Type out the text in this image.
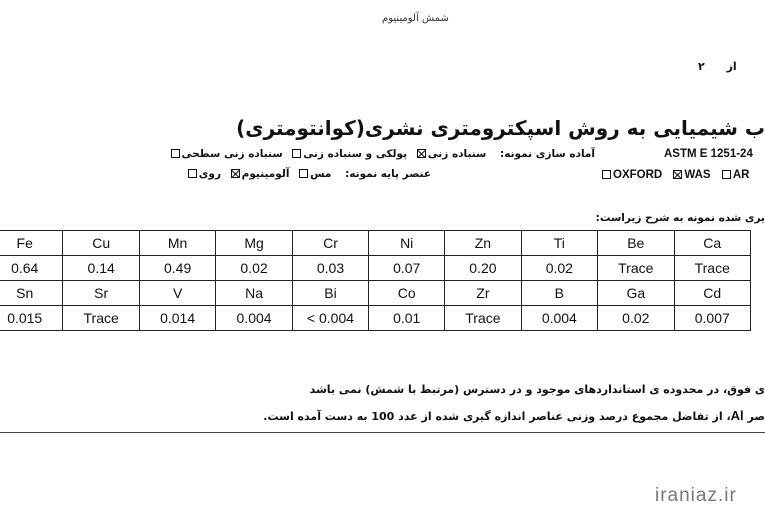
شمش آلومینیوم
از ۲
ب شیمیایی به روش اسپکترومتری نشری(کوانتومتری)
ASTM E 1251-24
OXFORD WAS AR
آماده سازی نمونه: سنباده زنی پولکی و سنباده زنی سنباده زنی سطحی
عنصر پایه نمونه: مس آلومینیوم روی
یری شده نمونه به شرح زیراست:
Fe	Cu	Mn	Mg	Cr	Ni	Zn	Ti	Be	Ca
0.64	0.14	0.49	0.02	0.03	0.07	0.20	0.02	Trace	Trace
Sn	Sr	V	Na	Bi	Co	Zr	B	Ga	Cd
0.015	Trace	0.014	0.004	< 0.004	0.01	Trace	0.004	0.02	0.007
ی فوق، در محدوده ی استانداردهای موجود و در دسترس (مرتبط با شمش) نمی باشد
صر Al، از تفاضل مجموع درصد وزنی عناصر اندازه گیری شده از عدد 100 به دست آمده است.
iraniaz.ir
